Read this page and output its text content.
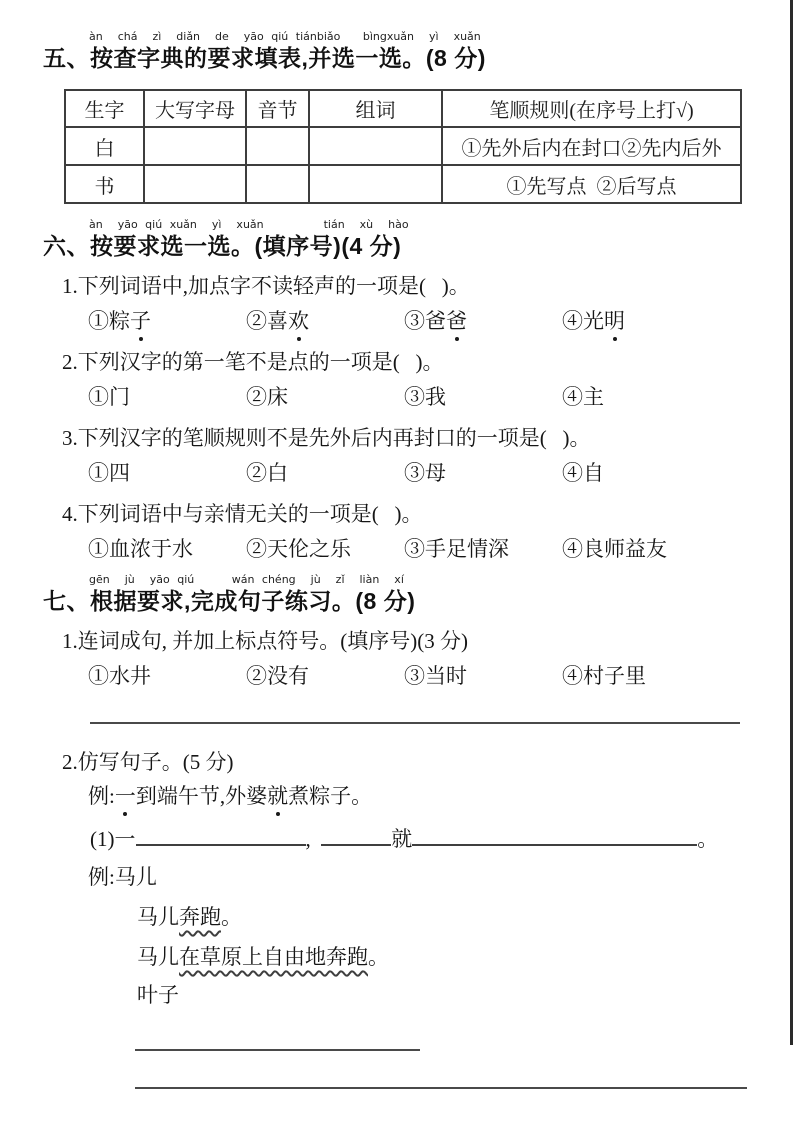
àn  chá  zì  diǎn  de  yāo qiú tiánbiǎo   bìngxuǎn  yì  xuǎn
五、按查字典的要求填表,并选一选。(8 分)
生字	大写字母	音节	组词	笔顺规则(在序号上打√)
白				①先外后内在封口②先内后外
书				①先写点  ②后写点
àn  yāo qiú xuǎn  yì  xuǎn        tián  xù  hào
六、按要求选一选。(填序号)(4 分)
1.下列词语中,加点字不读轻声的一项是(   )。
①粽子	②喜欢	③爸爸	④光明
2.下列汉字的第一笔不是点的一项是(   )。
①门	②床	③我	④主
3.下列汉字的笔顺规则不是先外后内再封口的一项是(   )。
①四	②白	③母	④自
4.下列词语中与亲情无关的一项是(   )。
①血浓于水	②天伦之乐	③手足情深	④良师益友
gēn  jù  yāo qiú     wán chéng  jù  zǐ  liàn  xí
七、根据要求,完成句子练习。(8 分)
1.连词成句, 并加上标点符号。(填序号)(3 分)
①水井	②没有	③当时	④村子里
2.仿写句子。(5 分)
例:一到端午节,外婆就煮粽子。
(1)一	,	就	。
例:马儿
马儿奔跑。
马儿在草原上自由地奔跑。
叶子
